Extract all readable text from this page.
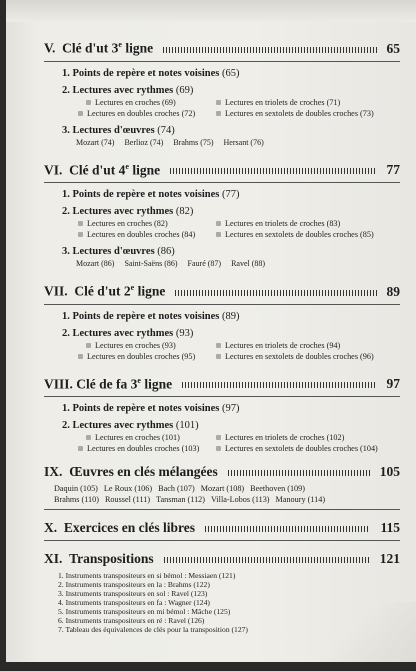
V. Clé d'ut 3e ligne	65
1. Points de repère et notes voisines (65)
2. Lectures avec rythmes (69)
Lectures en croches (69)	Lectures en triolets de croches (71)
Lectures en doubles croches (72)	Lectures en sextolets de doubles croches (73)
3. Lectures d'œuvres (74)
Mozart (74) Berlioz (74) Brahms (75) Hersant (76)
VI. Clé d'ut 4e ligne	77
1. Points de repère et notes voisines (77)
2. Lectures avec rythmes (82)
Lectures en croches (82)	Lectures en triolets de croches (83)
Lectures en doubles croches (84)	Lectures en sextolets de doubles croches (85)
3. Lectures d'œuvres (86)
Mozart (86) Saint-Saëns (86) Fauré (87) Ravel (88)
VII. Clé d'ut 2e ligne	89
1. Points de repère et notes voisines (89)
2. Lectures avec rythmes (93)
Lectures en croches (93)	Lectures en triolets de croches (94)
Lectures en doubles croches (95)	Lectures en sextolets de doubles croches (96)
VIII. Clé de fa 3e ligne	97
1. Points de repère et notes voisines (97)
2. Lectures avec rythmes (101)
Lectures en croches (101)	Lectures en triolets de croches (102)
Lectures en doubles croches (103)	Lectures en sextolets de doubles croches (104)
IX. Œuvres en clés mélangées	105
Daquin (105) Le Roux (106) Bach (107) Mozart (108) Beethoven (109)
Brahms (110) Roussel (111) Tansman (112) Villa-Lobos (113) Manoury (114)
X. Exercices en clés libres	115
XI. Transpositions	121
1. Instruments transpositeurs en si bémol : Messiaen (121)
2. Instruments transpositeurs en la : Brahms (122)
3. Instruments transpositeurs en sol : Ravel (123)
4. Instruments transpositeurs en fa : Wagner (124)
5. Instruments transpositeurs en mi bémol : Mâche (125)
6. Instruments transpositeurs en ré : Ravel (126)
7. Tableau des équivalences de clés pour la transposition (127)
